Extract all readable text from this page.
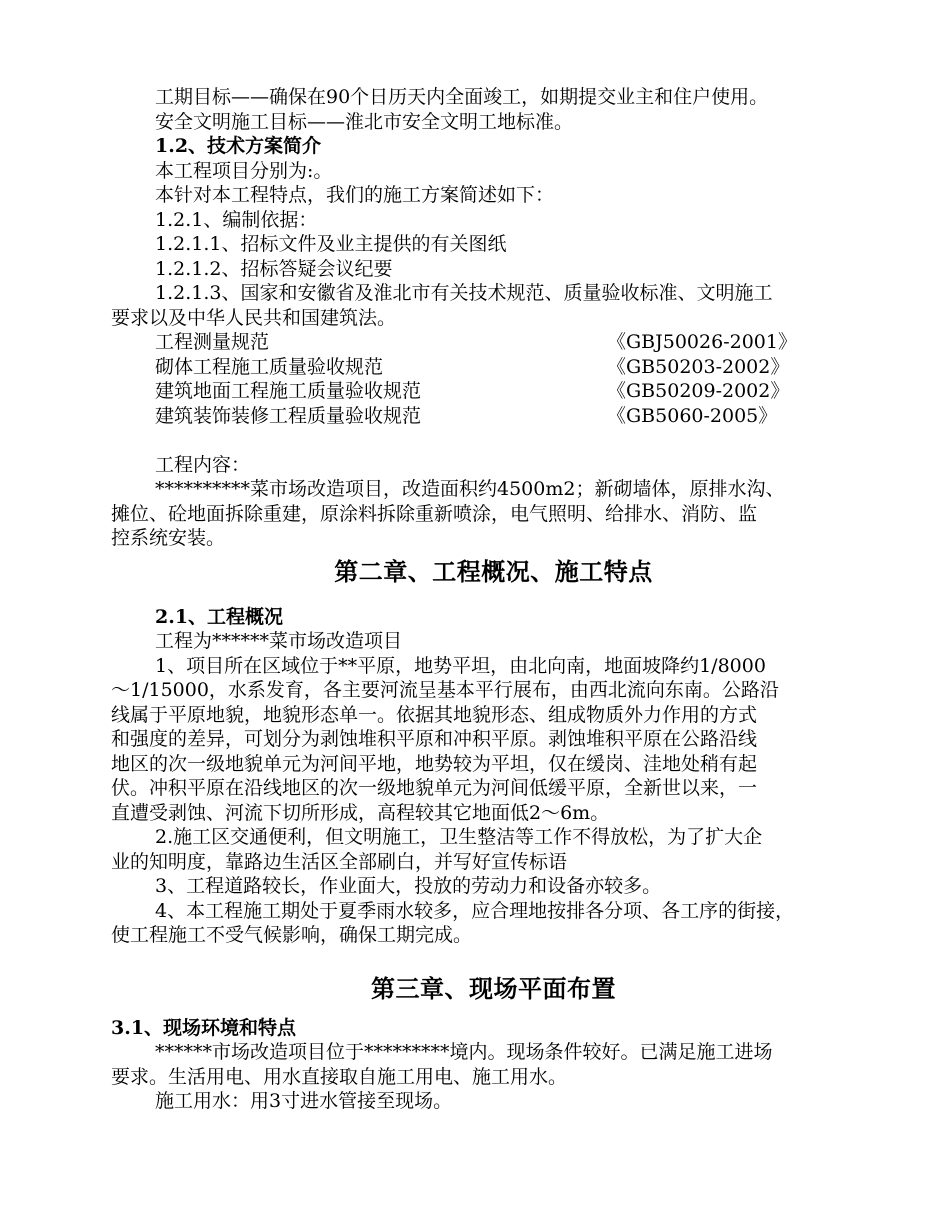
工期目标——确保在90个日历天内全面竣工，如期提交业主和住户使用。
安全文明施工目标——淮北市安全文明工地标准。
1.2、技术方案简介
本工程项目分别为:。
本针对本工程特点，我们的施工方案简述如下：
1.2.1、编制依据：
1.2.1.1、招标文件及业主提供的有关图纸
1.2.1.2、招标答疑会议纪要
1.2.1.3、国家和安徽省及淮北市有关技术规范、质量验收标准、文明施工
要求以及中华人民共和国建筑法。
工程测量规范	《GBJ50026-2001》
砌体工程施工质量验收规范	《GB50203-2002》
建筑地面工程施工质量验收规范	《GB50209-2002》
建筑装饰装修工程质量验收规范	《GB5060-2005》
工程内容：
**********菜市场改造项目，改造面积约4500m2；新砌墙体，原排水沟、
摊位、砼地面拆除重建，原涂料拆除重新喷涂，电气照明、给排水、消防、监
控系统安装。
第二章、工程概况、施工特点
2.1、工程概况
工程为******菜市场改造项目
1、项目所在区域位于**平原，地势平坦，由北向南，地面坡降约1/8000
～1/15000，水系发育，各主要河流呈基本平行展布，由西北流向东南。公路沿
线属于平原地貌，地貌形态单一。依据其地貌形态、组成物质外力作用的方式
和强度的差异，可划分为剥蚀堆积平原和冲积平原。剥蚀堆积平原在公路沿线
地区的次一级地貌单元为河间平地，地势较为平坦，仅在缓岗、洼地处稍有起
伏。冲积平原在沿线地区的次一级地貌单元为河间低缓平原，全新世以来，一
直遭受剥蚀、河流下切所形成，高程较其它地面低2～6m。
2.施工区交通便利，但文明施工，卫生整洁等工作不得放松，为了扩大企
业的知明度，靠路边生活区全部刷白，并写好宣传标语
3、工程道路较长，作业面大，投放的劳动力和设备亦较多。
4、本工程施工期处于夏季雨水较多，应合理地按排各分项、各工序的街接，
使工程施工不受气候影响，确保工期完成。
第三章、现场平面布置
3.1、现场环境和特点
******市场改造项目位于*********境内。现场条件较好。已满足施工进场
要求。生活用电、用水直接取自施工用电、施工用水。
施工用水：用3寸进水管接至现场。
